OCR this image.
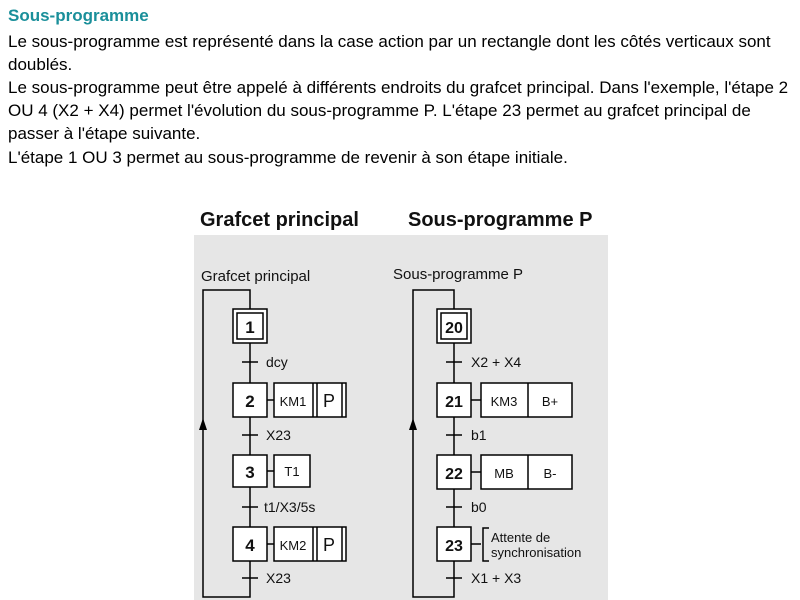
Sous-programme
Le sous-programme est représenté dans la case action par un rectangle dont les côtés verticaux sont doublés.
Le sous-programme peut être appelé à différents endroits du grafcet principal. Dans l'exemple, l'étape 2 OU 4 (X2 + X4) permet l'évolution du sous-programme P. L'étape 23 permet au grafcet principal de passer à l'étape suivante.
L'étape 1 OU 3 permet au sous-programme de revenir à son étape initiale.
Grafcet principal Sous-programme P
Grafcet principal
1
2 KM1 P
3 T1
4 KM2 P
dcy
X23
t1/X3/5s
X23
Sous-programme P
20
21 KM3 B+
22 MB B-
23
Attente de
synchronisation
X2 + X4
b1
b0
X1 + X3
